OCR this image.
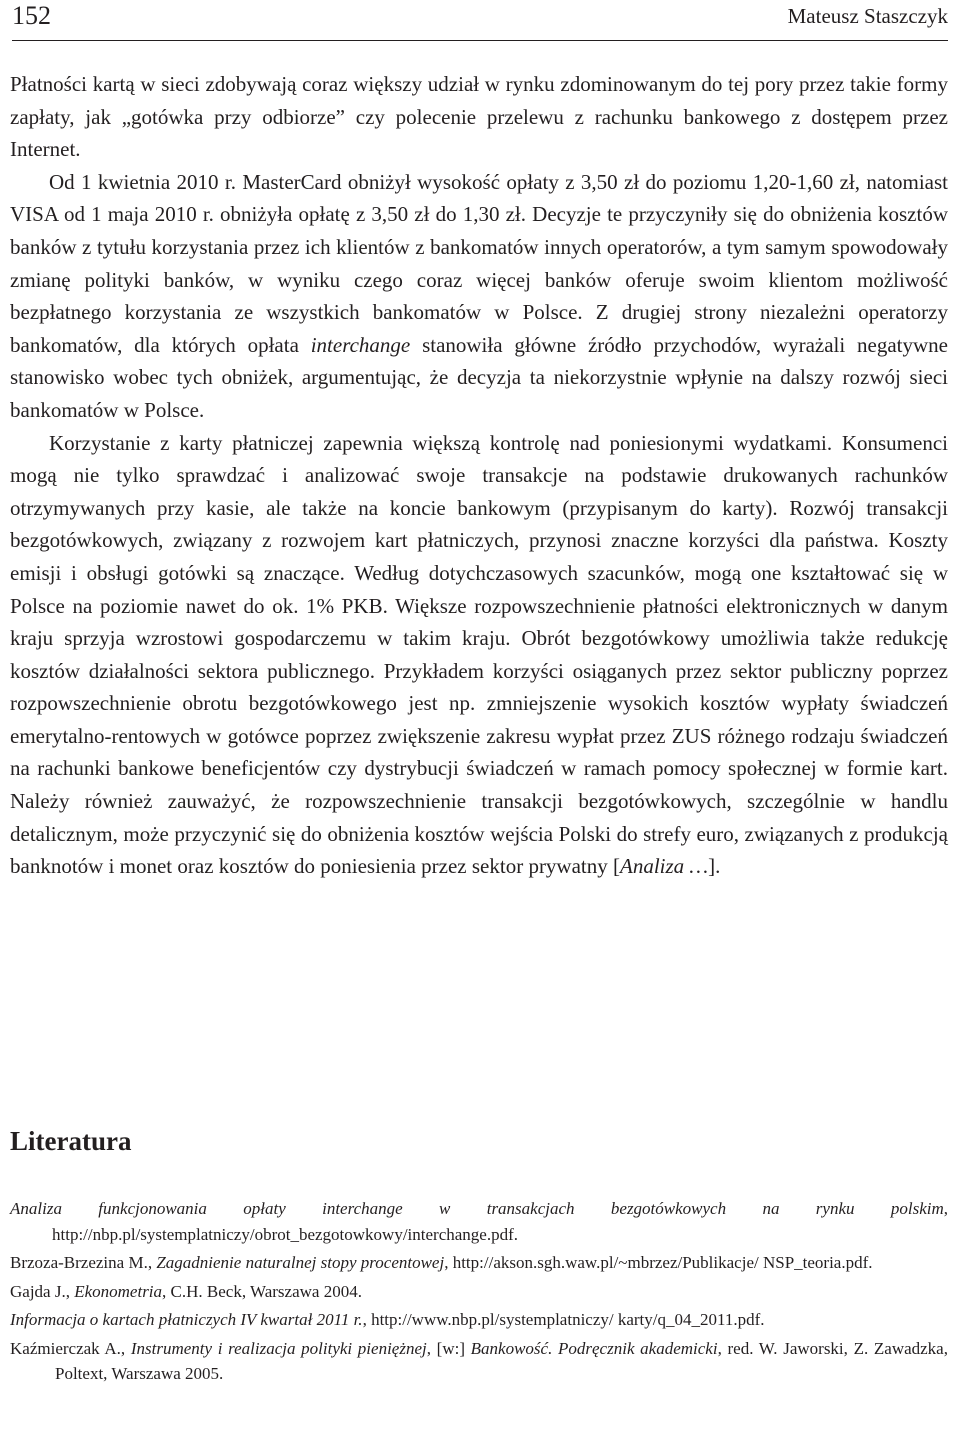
152	Mateusz Staszczyk

Płatności kartą w sieci zdobywają coraz większy udział w rynku zdominowanym do tej pory przez takie formy zapłaty, jak „gotówka przy odbiorze” czy polecenie przelewu z rachunku bankowego z dostępem przez Internet.
Od 1 kwietnia 2010 r. MasterCard obniżył wysokość opłaty z 3,50 zł do poziomu 1,20-1,60 zł, natomiast VISA od 1 maja 2010 r. obniżyła opłatę z 3,50 zł do 1,30 zł. Decyzje te przyczyniły się do obniżenia kosztów banków z tytułu korzystania przez ich klientów z bankomatów innych operatorów, a tym samym spowodowały zmianę polityki banków, w wyniku czego coraz więcej banków oferuje swoim klientom możliwość bezpłatnego korzystania ze wszystkich bankomatów w Polsce. Z drugiej strony niezależni operatorzy bankomatów, dla których opłata interchange stanowiła główne źródło przychodów, wyrażali negatywne stanowisko wobec tych obniżek, argumentując, że decyzja ta niekorzystnie wpłynie na dalszy rozwój sieci bankomatów w Polsce.

Korzystanie z karty płatniczej zapewnia większą kontrolę nad poniesionymi wydatkami. Konsumenci mogą nie tylko sprawdzać i analizować swoje transakcje na podstawie drukowanych rachunków otrzymywanych przy kasie, ale także na koncie bankowym (przypisanym do karty). Rozwój transakcji bezgotówkowych, związany z rozwojem kart płatniczych, przynosi znaczne korzyści dla państwa. Koszty emisji i obsługi gotówki są znaczące. Według dotychczasowych szacunków, mogą one kształtować się w Polsce na poziomie nawet do ok. 1% PKB. Większe rozpowszechnienie płatności elektronicznych w danym kraju sprzyja wzrostowi gospodarczemu w takim kraju. Obrót bezgotówkowy umożliwia także redukcję kosztów działalności sektora publicznego. Przykładem korzyści osiąganych przez sektor publiczny poprzez rozpowszechnienie obrotu bezgotówkowego jest np. zmniejszenie wysokich kosztów wypłaty świadczeń emerytalno-rentowych w gotówce poprzez zwiększenie zakresu wypłat przez ZUS różnego rodzaju świadczeń na rachunki bankowe beneficjentów czy dystrybucji świadczeń w ramach pomocy społecznej w formie kart. Należy również zauważyć, że rozpowszechnienie transakcji bezgotówkowych, szczególnie w handlu detalicznym, może przyczynić się do obniżenia kosztów wejścia Polski do strefy euro, związanych z produkcją banknotów i monet oraz kosztów do poniesienia przez sektor prywatny [Analiza …].

Literatura
Analiza funkcjonowania opłaty interchange w transakcjach bezgotówkowych na rynku polskim, http://nbp.pl/systemplatniczy/obrot_bezgotowkowy/interchange.pdf.
Brzoza-Brzezina M., Zagadnienie naturalnej stopy procentowej, http://akson.sgh.waw.pl/~mbrzez/Publikacje/ NSP_teoria.pdf.
Gajda J., Ekonometria, C.H. Beck, Warszawa 2004.
Informacja o kartach płatniczych IV kwartał 2011 r., http://www.nbp.pl/systemplatniczy/ karty/q_04_2011.pdf.
Kaźmierczak A., Instrumenty i realizacja polityki pieniężnej, [w:] Bankowość. Podręcznik akademicki, red. W. Jaworski, Z. Zawadzka, Poltext, Warszawa 2005.
